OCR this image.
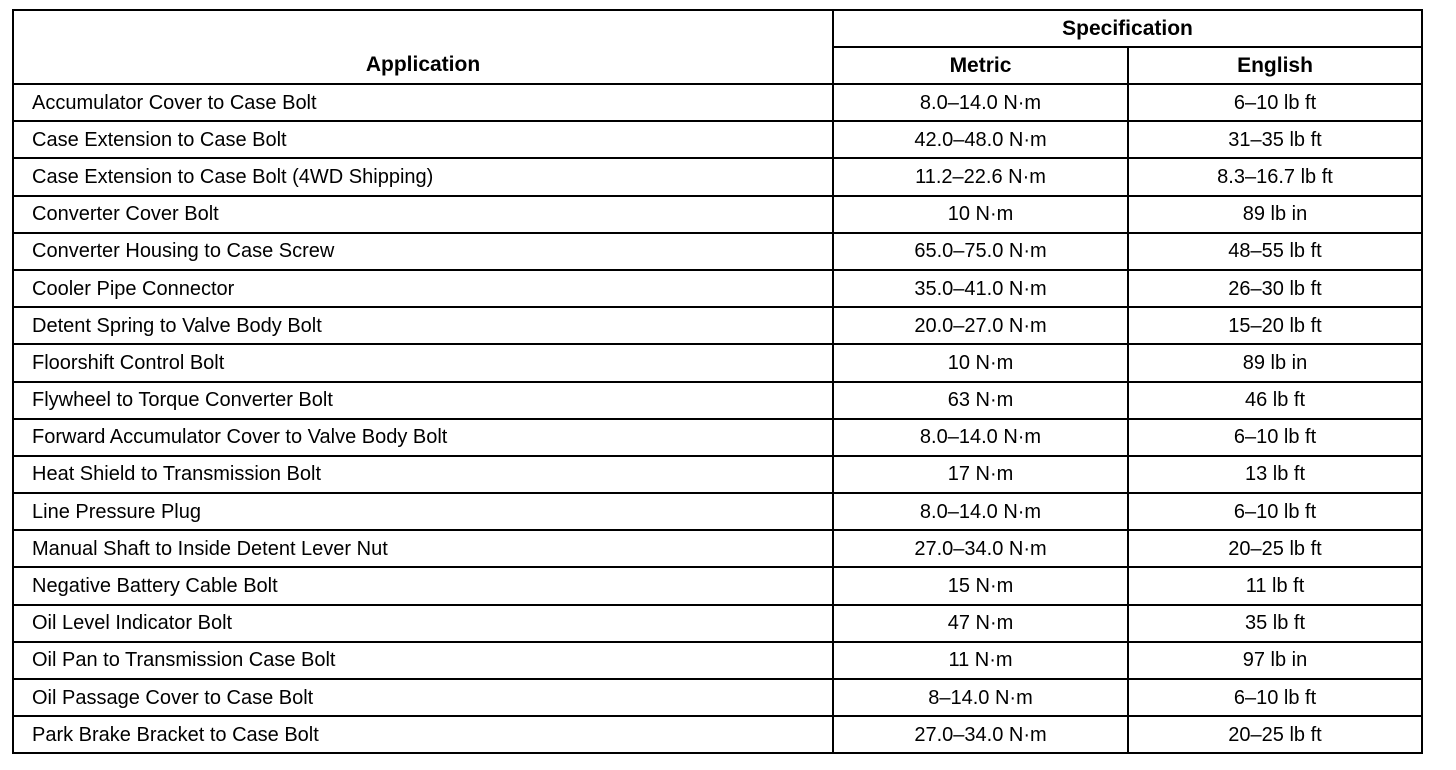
Application	Specification	
	Metric	English
Accumulator Cover to Case Bolt	8.0–14.0 N·m	6–10 lb ft
Case Extension to Case Bolt	42.0–48.0 N·m	31–35 lb ft
Case Extension to Case Bolt (4WD Shipping)	11.2–22.6 N·m	8.3–16.7 lb ft
Converter Cover Bolt	10 N·m	89 lb in
Converter Housing to Case Screw	65.0–75.0 N·m	48–55 lb ft
Cooler Pipe Connector	35.0–41.0 N·m	26–30 lb ft
Detent Spring to Valve Body Bolt	20.0–27.0 N·m	15–20 lb ft
Floorshift Control Bolt	10 N·m	89 lb in
Flywheel to Torque Converter Bolt	63 N·m	46 lb ft
Forward Accumulator Cover to Valve Body Bolt	8.0–14.0 N·m	6–10 lb ft
Heat Shield to Transmission Bolt	17 N·m	13 lb ft
Line Pressure Plug	8.0–14.0 N·m	6–10 lb ft
Manual Shaft to Inside Detent Lever Nut	27.0–34.0 N·m	20–25 lb ft
Negative Battery Cable Bolt	15 N·m	11 lb ft
Oil Level Indicator Bolt	47 N·m	35 lb ft
Oil Pan to Transmission Case Bolt	11 N·m	97 lb in
Oil Passage Cover to Case Bolt	8–14.0 N·m	6–10 lb ft
Park Brake Bracket to Case Bolt	27.0–34.0 N·m	20–25 lb ft
